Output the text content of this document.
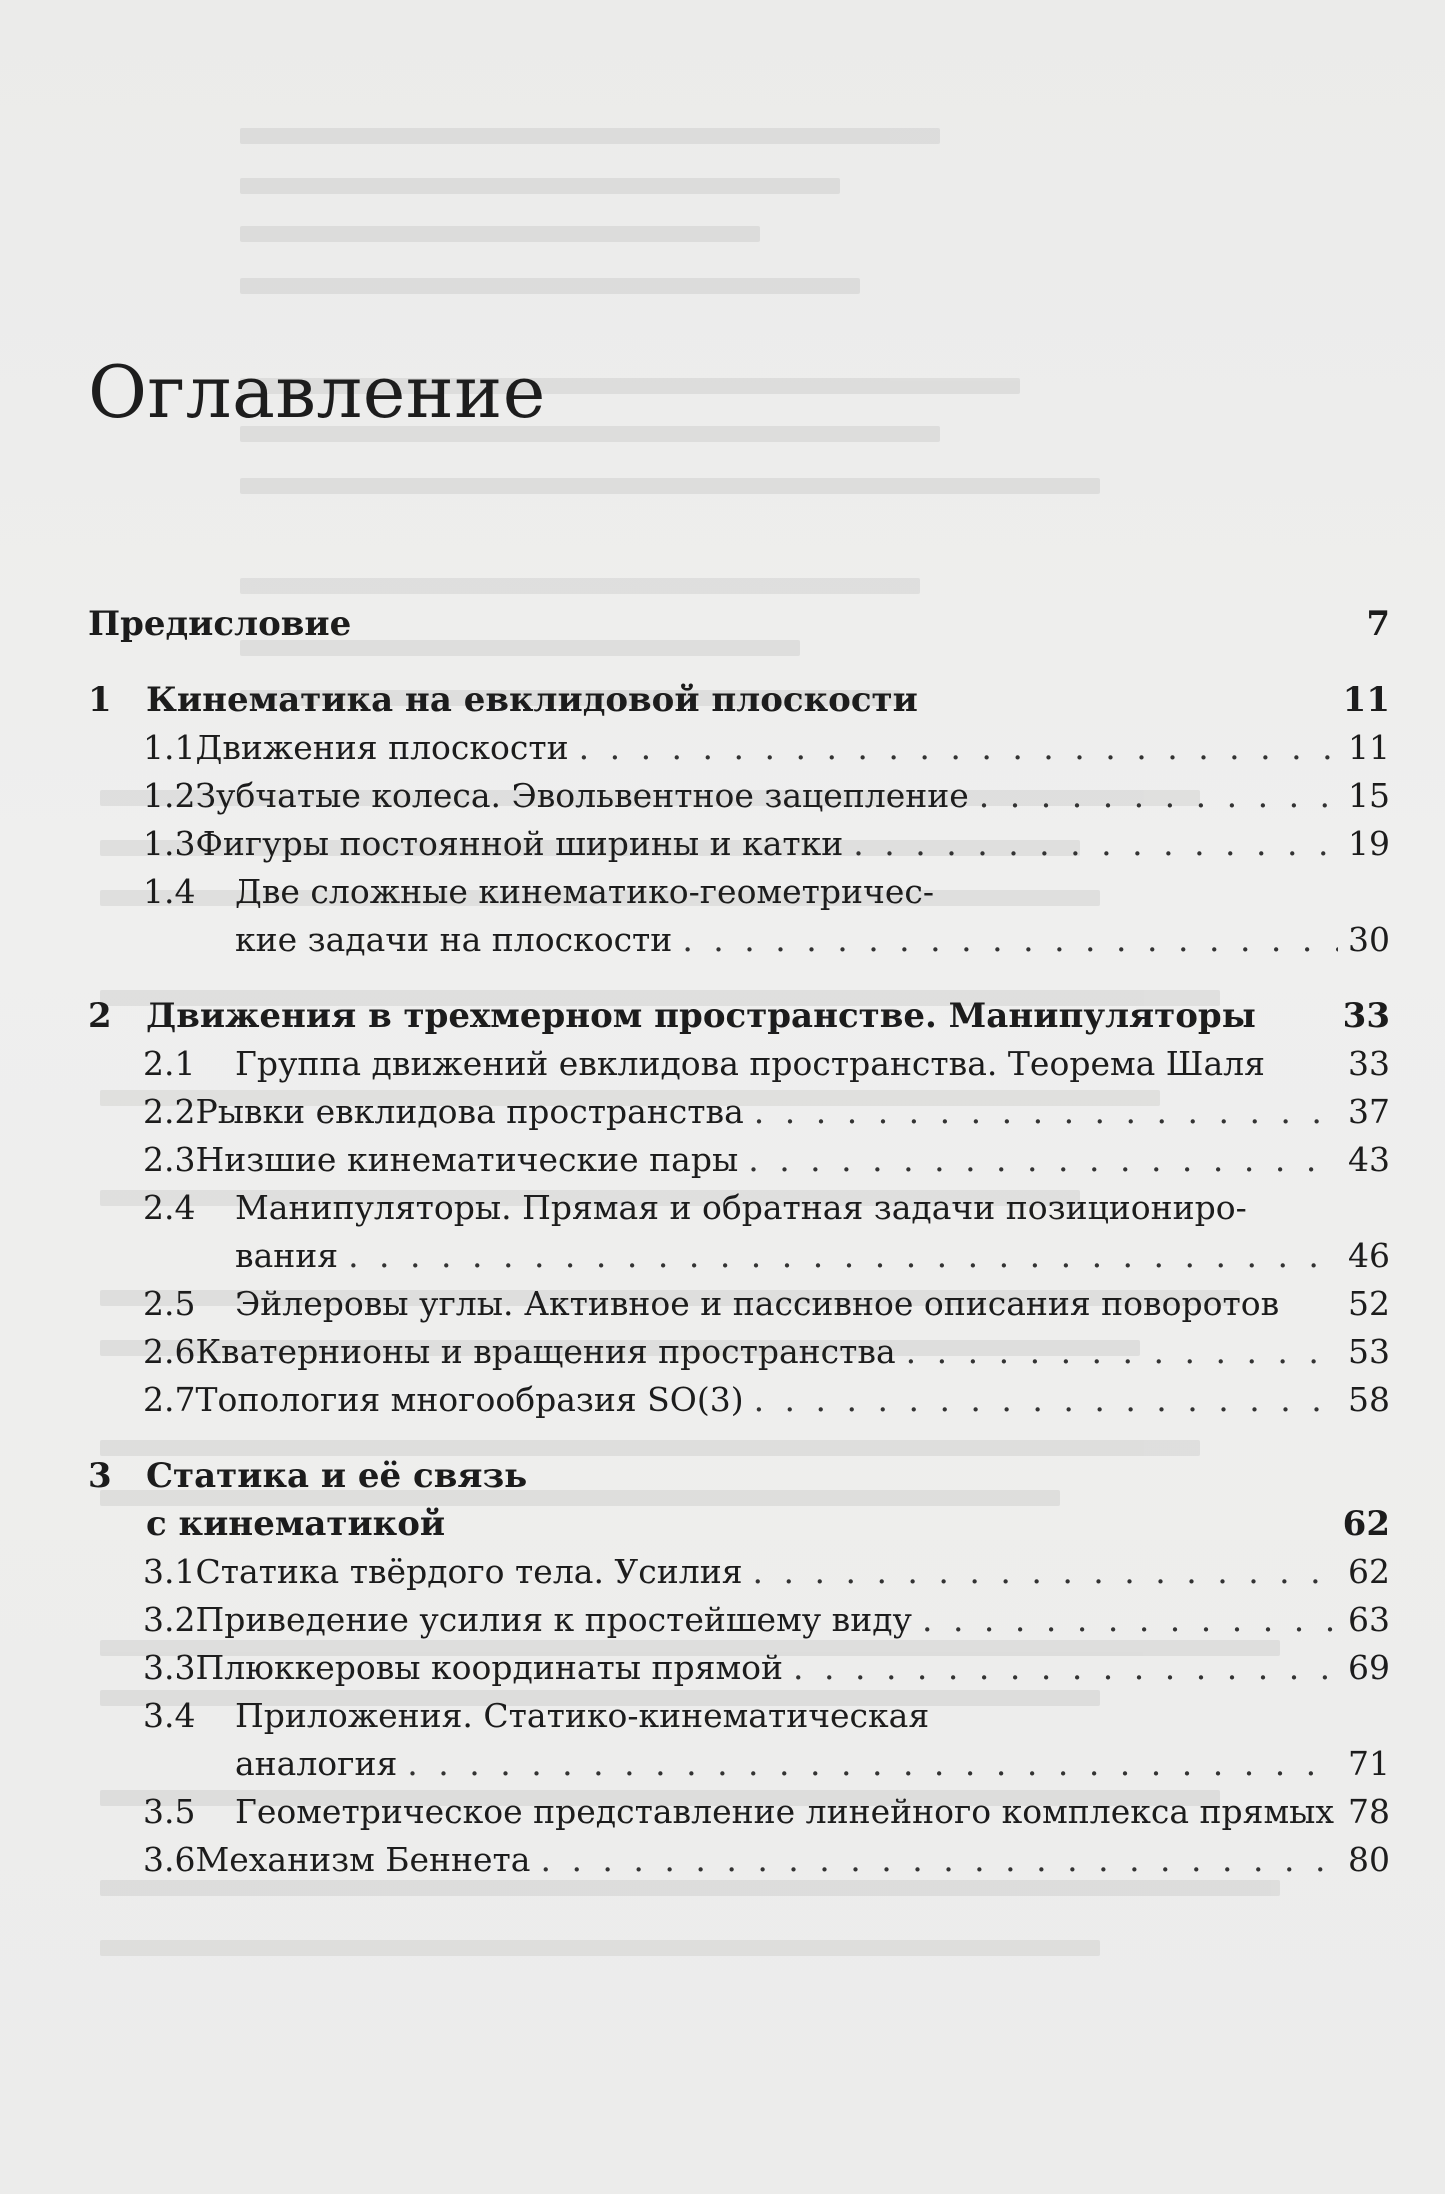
Оглавление
Предисловие	7
1	Кинематика на евклидовой плоскости	11
1.1 Движения плоскости . . .	11
1.2 Зубчатые колеса. Эвольвентное зацепление . . .	15
1.3 Фигуры постоянной ширины и катки . . .	19
1.4	Две сложные кинематико-геометричес-
кие задачи на плоскости . . .	30
2	Движения в трехмерном пространстве. Манипуляторы	33
2.1	Группа движений евклидова пространства. Теорема Шаля	33
2.2 Рывки евклидова пространства . . .	37
2.3 Низшие кинематические пары . . .	43
2.4	Манипуляторы. Прямая и обратная задачи позициониро-
вания . . .	46
2.5	Эйлеровы углы. Активное и пассивное описания поворотов 52
2.6 Кватернионы и вращения пространства . . .	53
2.7 Топология многообразия SO(3) . . .	58
3	Статика и её связь
с кинематикой	62
3.1 Статика твёрдого тела. Усилия . . .	62
3.2 Приведение усилия к простейшему виду . . .	63
3.3 Плюккеровы координаты прямой . . .	69
3.4	Приложения. Статико-кинематическая
аналогия . . .	71
3.5	Геометрическое представление линейного комплекса прямых 78
3.6 Механизм Беннета . . .	80
